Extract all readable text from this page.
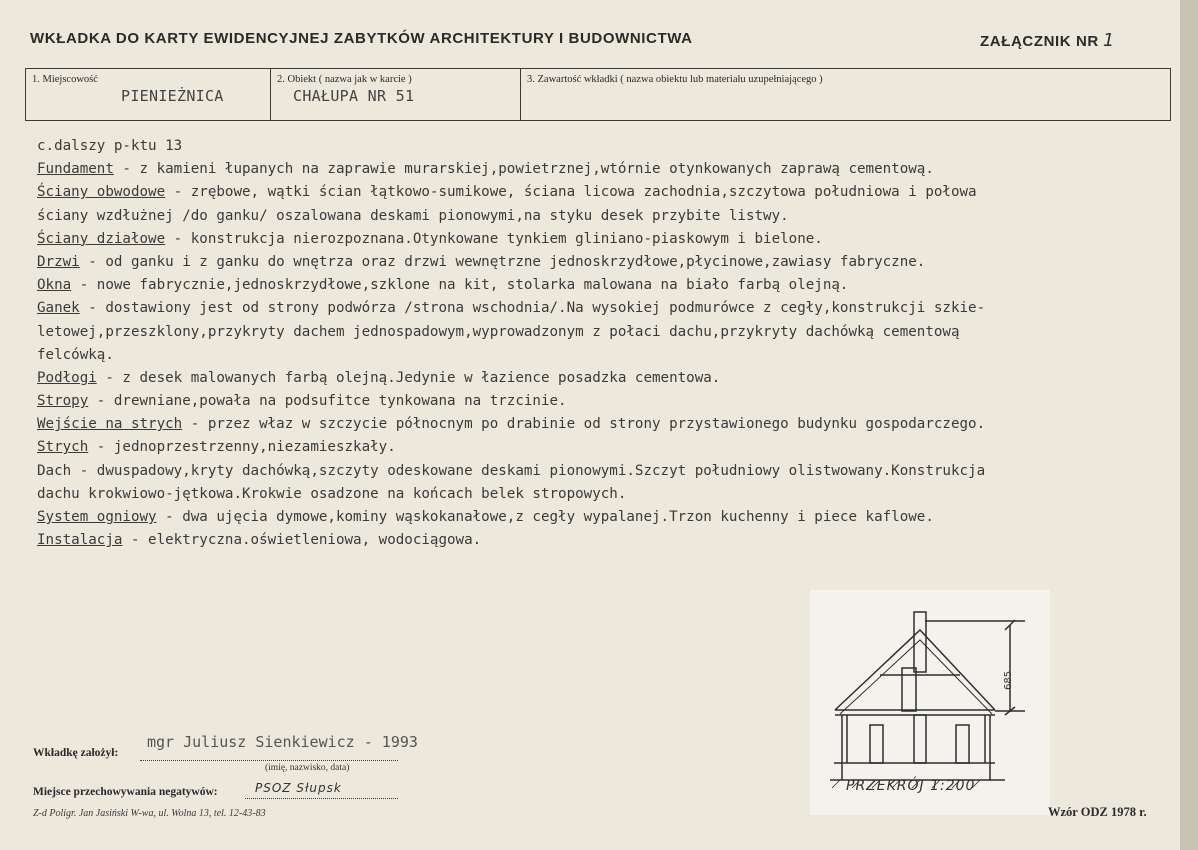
WKŁADKA DO KARTY EWIDENCYJNEJ ZABYTKÓW ARCHITEKTURY I BUDOWNICTWA	ZAŁĄCZNIK NR 1
1. Miejscowość
PIENIEŻNICA
2. Obiekt ( nazwa jak w karcie )
CHAŁUPA NR 51
3. Zawartość wkładki ( nazwa obiektu lub materiału uzupełniającego )
c.dalszy p-ktu 13
Fundament - z kamieni łupanych na zaprawie murarskiej,powietrznej,wtórnie otynkowanych zaprawą cementową.
Ściany obwodowe - zrębowe, wątki ścian łątkowo-sumikowe, ściana licowa zachodnia,szczytowa południowa i połowa
ściany wzdłużnej /do ganku/ oszalowana deskami pionowymi,na styku desek przybite listwy.
Ściany działowe - konstrukcja nierozpoznana.Otynkowane tynkiem gliniano-piaskowym i bielone.
Drzwi - od ganku i z ganku do wnętrza oraz drzwi wewnętrzne jednoskrzydłowe,płycinowe,zawiasy fabryczne.
Okna - nowe fabrycznie,jednoskrzydłowe,szklone na kit, stolarka malowana na biało farbą olejną.
Ganek - dostawiony jest od strony podwórza /strona wschodnia/.Na wysokiej podmurówce z cegły,konstrukcji szkie-
letowej,przeszklony,przykryty dachem jednospadowym,wyprowadzonym z połaci dachu,przykryty dachówką cementową
felcówką.
Podłogi - z desek malowanych farbą olejną.Jedynie w łazience posadzka cementowa.
Stropy - drewniane,powała na podsufitce tynkowana na trzcinie.
Wejście na strych - przez właz w szczycie północnym po drabinie od strony przystawionego budynku gospodarczego.
Strych - jednoprzestrzenny,niezamieszkały.
Dach - dwuspadowy,kryty dachówką,szczyty odeskowane deskami pionowymi.Szczyt południowy olistwowany.Konstrukcja
dachu krokwiowo-jętkowa.Krokwie osadzone na końcach belek stropowych.
System ogniowy - dwa ujęcia dymowe,kominy wąskokanałowe,z cegły wypalanej.Trzon kuchenny i piece kaflowe.
Instalacja - elektryczna.oświetleniowa, wodociągowa.
685
PRZEKRÓJ 1:200
Wkładkę założył:
mgr Juliusz Sienkiewicz - 1993
(imię, nazwisko, data)
Miejsce przechowywania negatywów:	PSOZ Słupsk
Z-d Poligr. Jan Jasiński W-wa, ul. Wolna 13, tel. 12-43-83	Wzór ODZ 1978 r.
